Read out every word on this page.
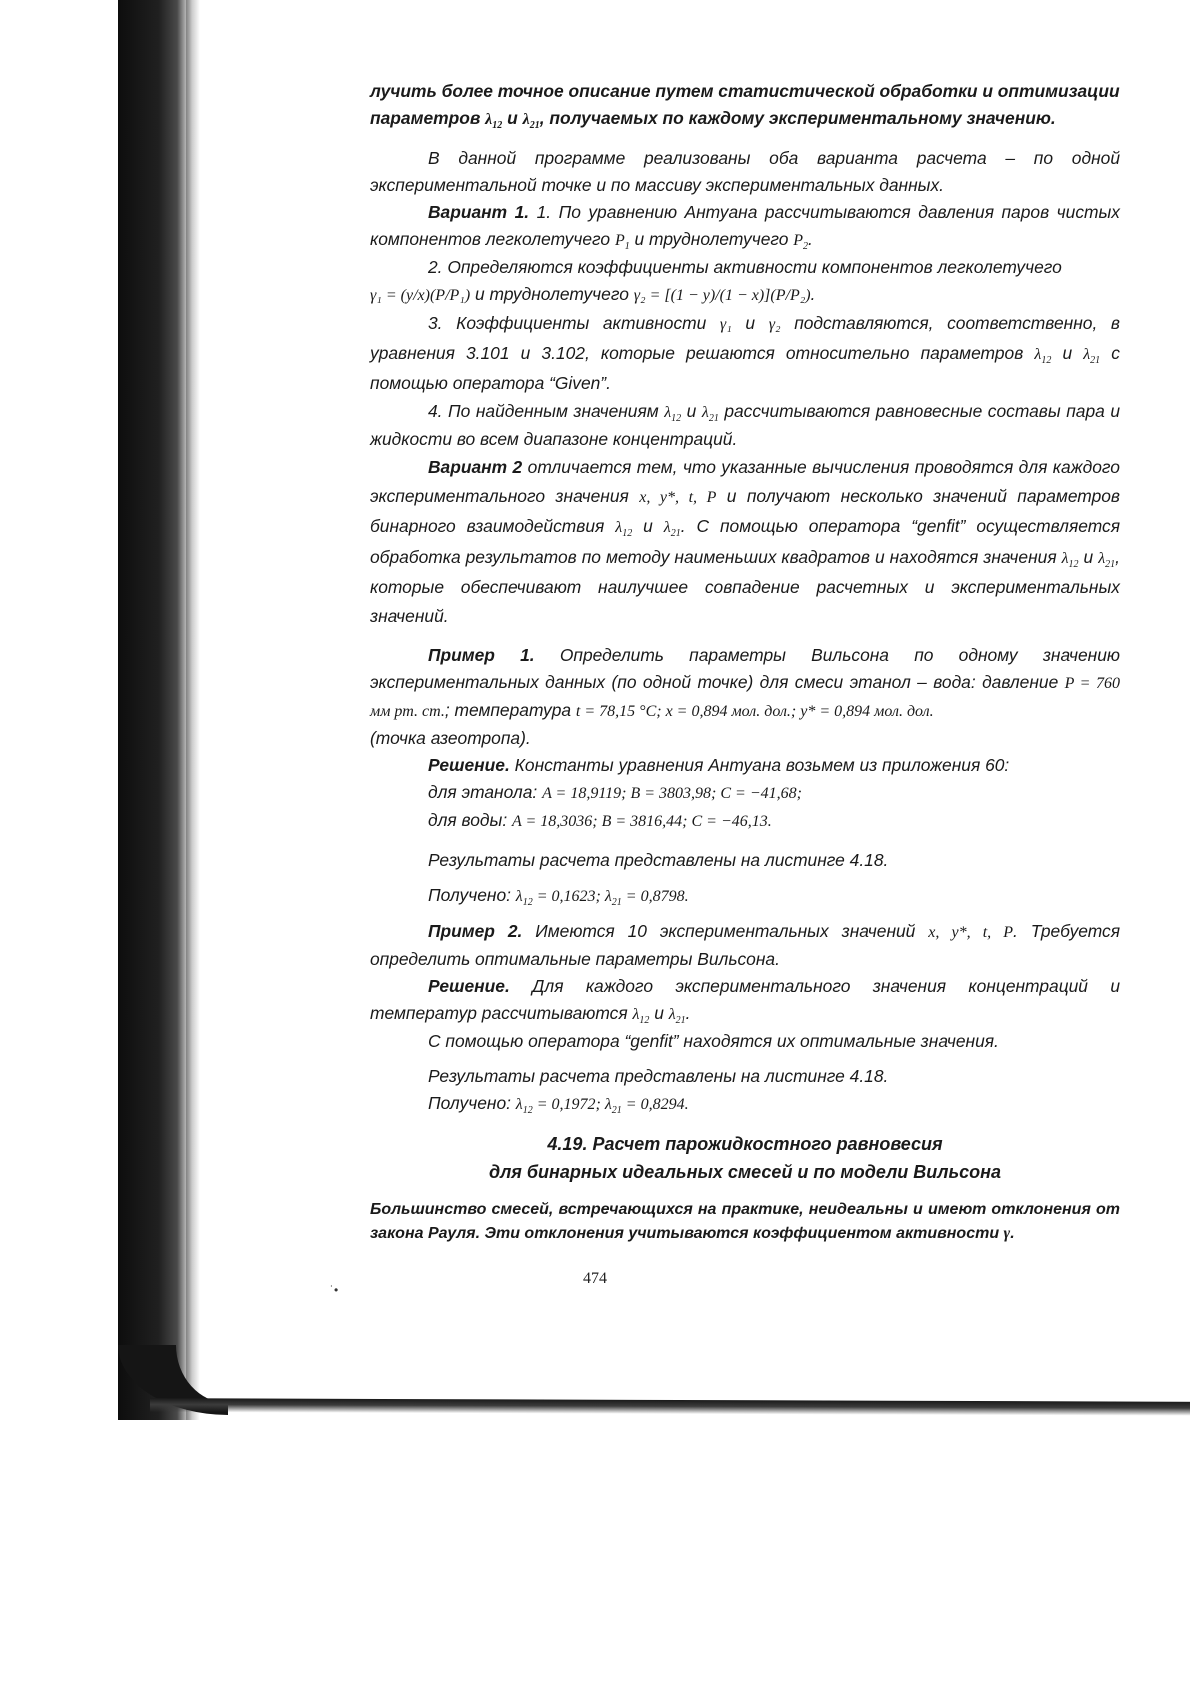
˙•

лучить более точное описание путем статистической обработки и оптимизации

параметров $\lambda_{12}$ и $\lambda_{21}$, получаемых по каждому экспериментальному значению.

В данной программе реализованы оба варианта расчета – по одной экспериментальной точке и по массиву экспериментальных данных.

Вариант 1. 1. По уравнению Антуана рассчитываются давления паров чистых компонентов легколетучего $P_1$ и труднолетучего $P_2$.

2. Определяются коэффициенты активности компонентов легколетучего
γ₁ = (y/x)(P/P₁) и труднолетучего γ₂ = [(1 − y)/(1 − x)](P/P₂).

3. Коэффициенты активности γ₁ и γ₂ подставляются, соответственно, в уравнения 3.101 и 3.102, которые решаются относительно параметров $\lambda_{12}$ и $\lambda_{21}$ с помощью оператора “Given”.

4. По найденным значениям $\lambda_{12}$ и $\lambda_{21}$ рассчитываются равновесные составы пара и жидкости во всем диапазоне концентраций.

Вариант 2 отличается тем, что указанные вычисления проводятся для каждого экспериментального значения x, y*, t, P и получают несколько значений параметров бинарного взаимодействия $\lambda_{12}$ и $\lambda_{21}$. С помощью оператора “genfit” осуществляется обработка результатов по методу наименьших квадратов и находятся значения $\lambda_{12}$ и $\lambda_{21}$, которые обеспечивают наилучшее совпадение расчетных и экспериментальных значений.

Пример 1. Определить параметры Вильсона по одному значению экспериментальных данных (по одной точке) для смеси этанол – вода: давление P = 760 мм рт. ст.; температура t = 78,15 °C; x = 0,894 мол. дол.; y* = 0,894 мол. дол.

(точка азеотропа).

Решение. Константы уравнения Антуана возьмем из приложения 60:

для этанола: A = 18,9119; B = 3803,98; C = −41,68;

для воды: A = 18,3036; B = 3816,44; C = −46,13.

Результаты расчета представлены на листинге 4.18.

Получено: $\lambda_{12} = 0,1623$; $\lambda_{21} = 0,8798$.

Пример 2. Имеются 10 экспериментальных значений x, y*, t, P. Требуется определить оптимальные параметры Вильсона.

Решение. Для каждого экспериментального значения концентраций и температур рассчитываются $\lambda_{12}$ и $\lambda_{21}$.

С помощью оператора “genfit” находятся их оптимальные значения.

Результаты расчета представлены на листинге 4.18.

Получено: $\lambda_{12} = 0,1972$; $\lambda_{21} = 0,8294$.

4.19. Расчет парожидкостного равновесия

для бинарных идеальных смесей и по модели Вильсона

Большинство смесей, встречающихся на практике, неидеальны и имеют отклонения от закона Рауля. Эти отклонения учитываются коэффициентом активности γ.

474
